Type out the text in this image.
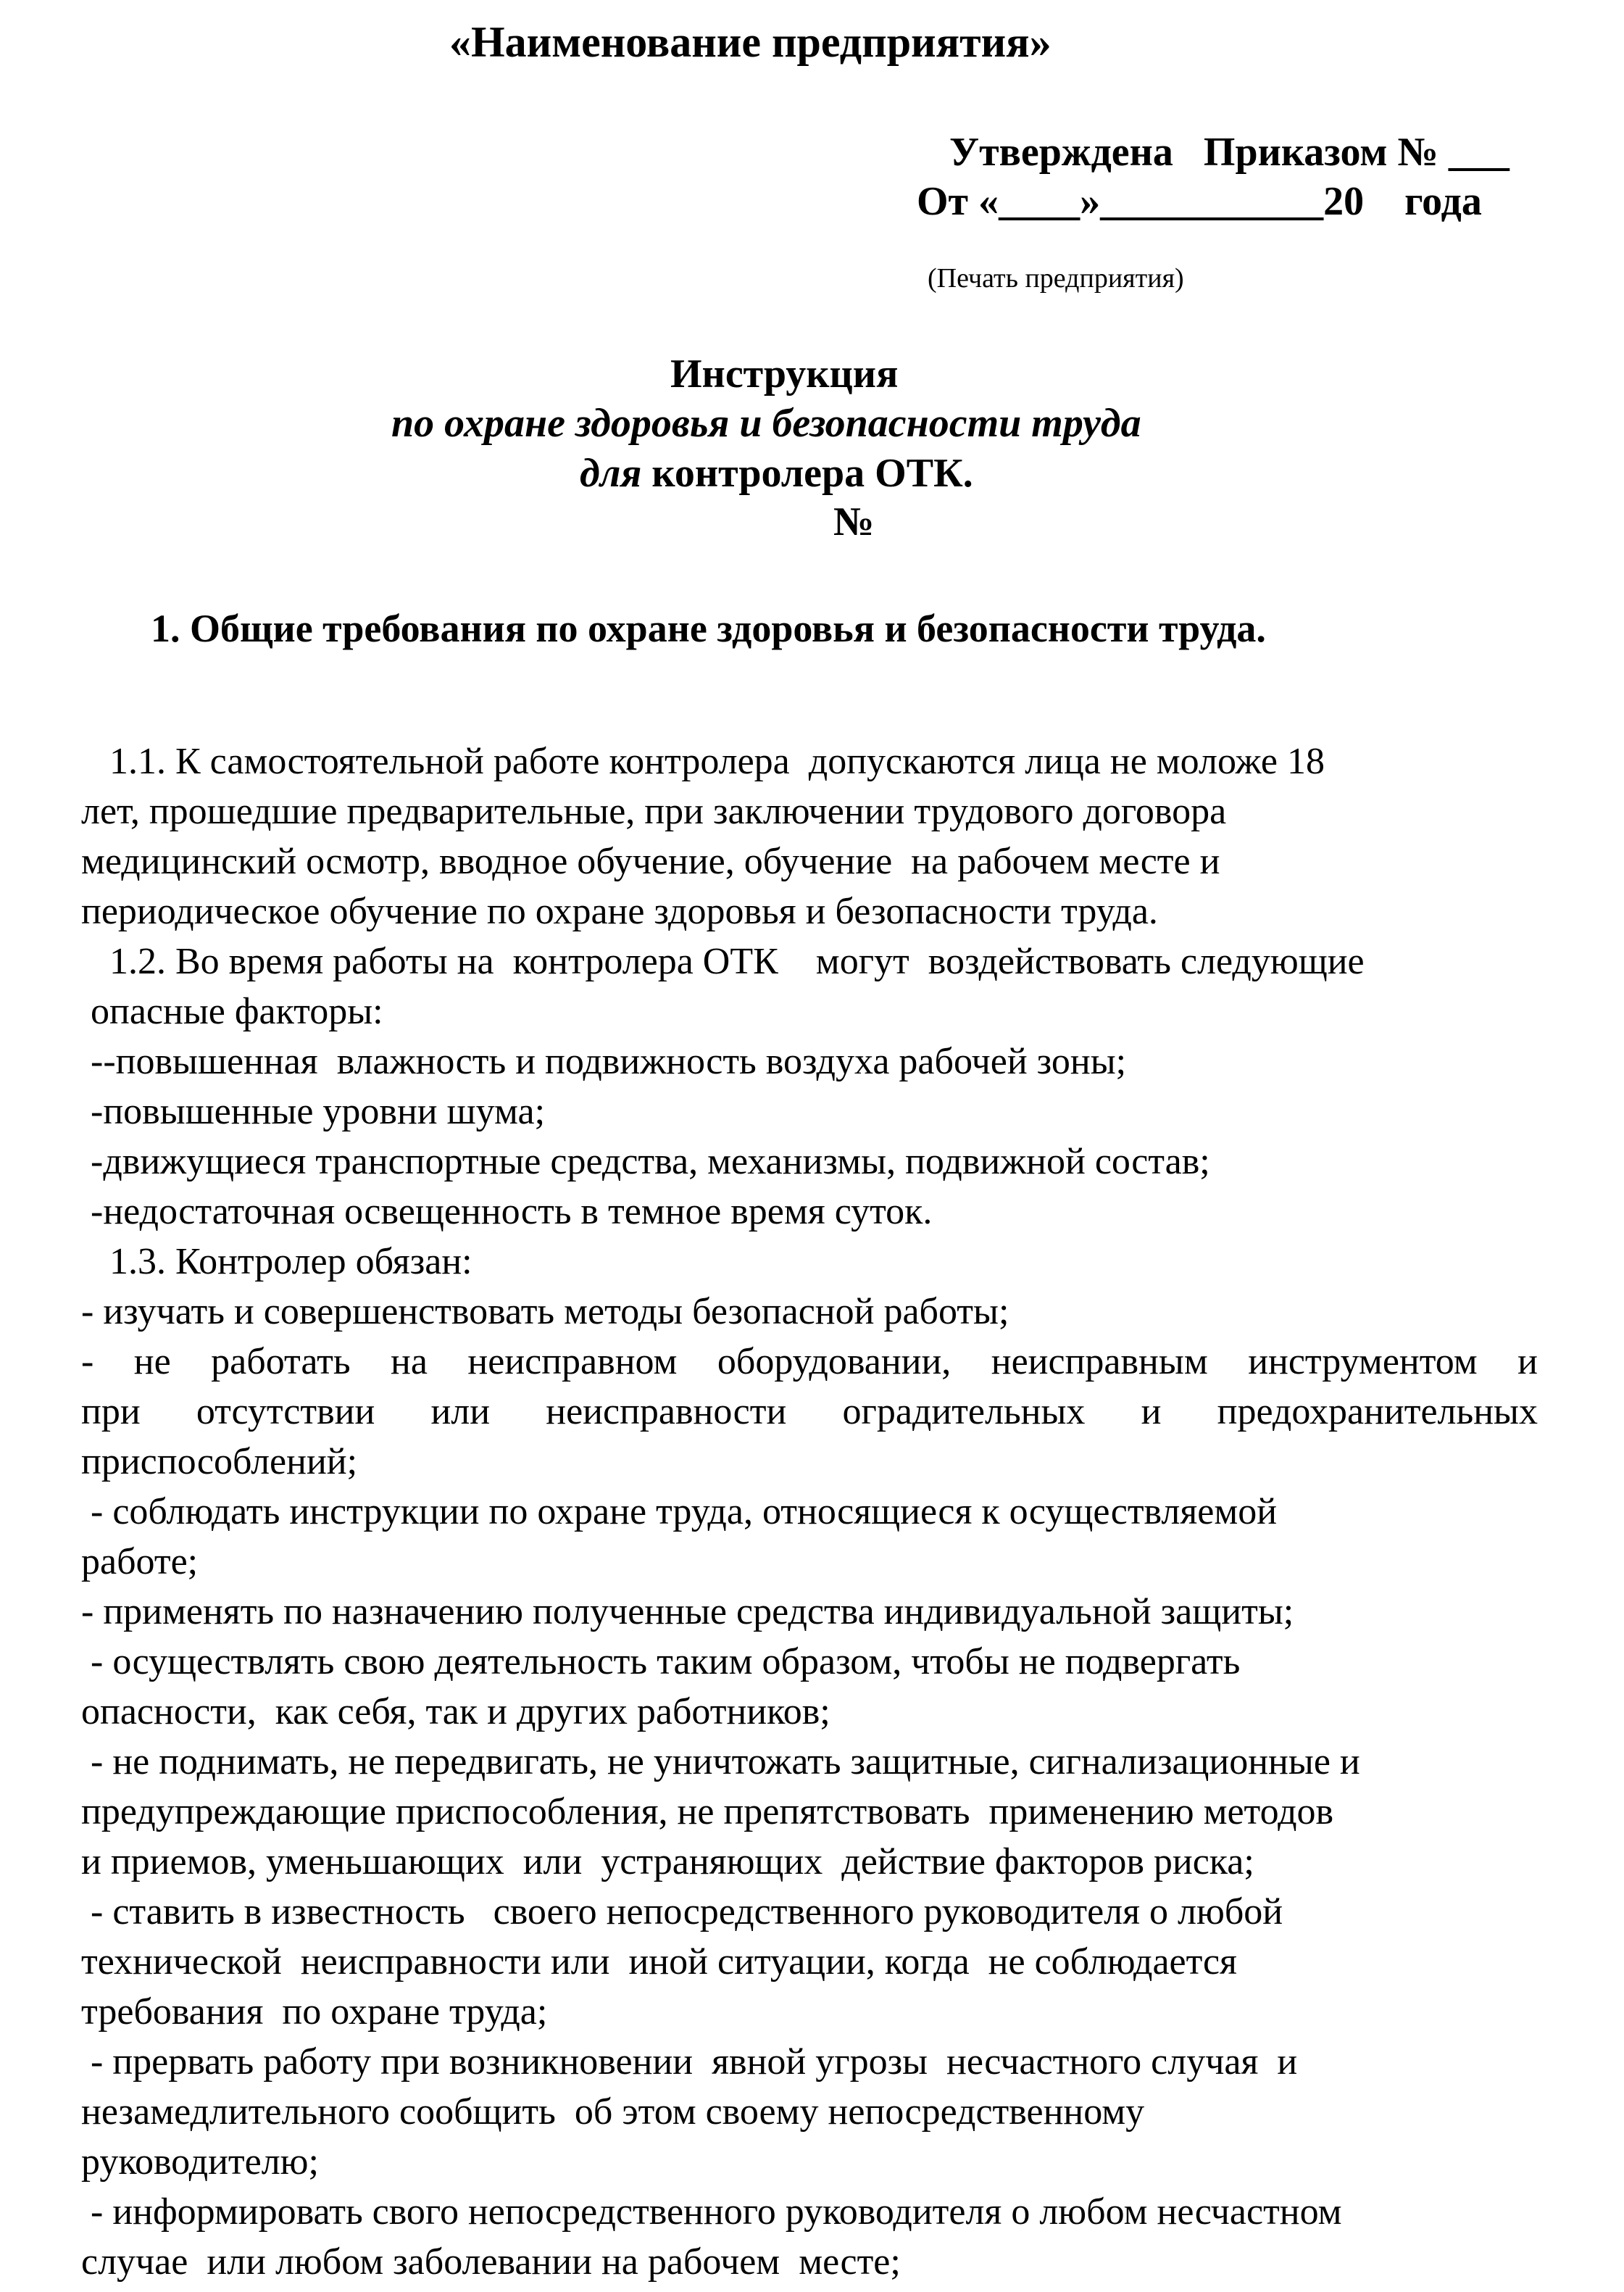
«Наименование предприятия»
Утверждена   Приказом № ___
От «____»___________20    года
(Печать предприятия)
Инструкция
по охране здоровья и безопасности труда
для контролера ОТК.
№
1. Общие требования по охране здоровья и безопасности труда.
1.1. К самостоятельной работе контролера  допускаются лица не моложе 18
лет, прошедшие предварительные, при заключении трудового договора
медицинский осмотр, вводное обучение, обучение  на рабочем месте и
периодическое обучение по охране здоровья и безопасности труда.
1.2. Во время работы на  контролера ОТК    могут  воздействовать следующие
опасные факторы:
--повышенная  влажность и подвижность воздуха рабочей зоны;
-повышенные уровни шума;
-движущиеся транспортные средства, механизмы, подвижной состав;
-недостаточная освещенность в темное время суток.
1.3. Контролер обязан:
- изучать и совершенствовать методы безопасной работы;
- не работать на неисправном оборудовании, неисправным инструментом и
при отсутствии или неисправности оградительных и предохранительных
приспособлений;
- соблюдать инструкции по охране труда, относящиеся к осуществляемой
работе;
- применять по назначению полученные средства индивидуальной защиты;
- осуществлять свою деятельность таким образом, чтобы не подвергать
опасности,  как себя, так и других работников;
- не поднимать, не передвигать, не уничтожать защитные, сигнализационные и
предупреждающие приспособления, не препятствовать  применению методов
и приемов, уменьшающих  или  устраняющих  действие факторов риска;
- ставить в известность   своего непосредственного руководителя о любой
технической  неисправности или  иной ситуации, когда  не соблюдается
требования  по охране труда;
- прервать работу при возникновении  явной угрозы  несчастного случая  и
незамедлительного сообщить  об этом своему непосредственному
руководителю;
- информировать свого непосредственного руководителя о любом несчастном
случае  или любом заболевании на рабочем  месте;
